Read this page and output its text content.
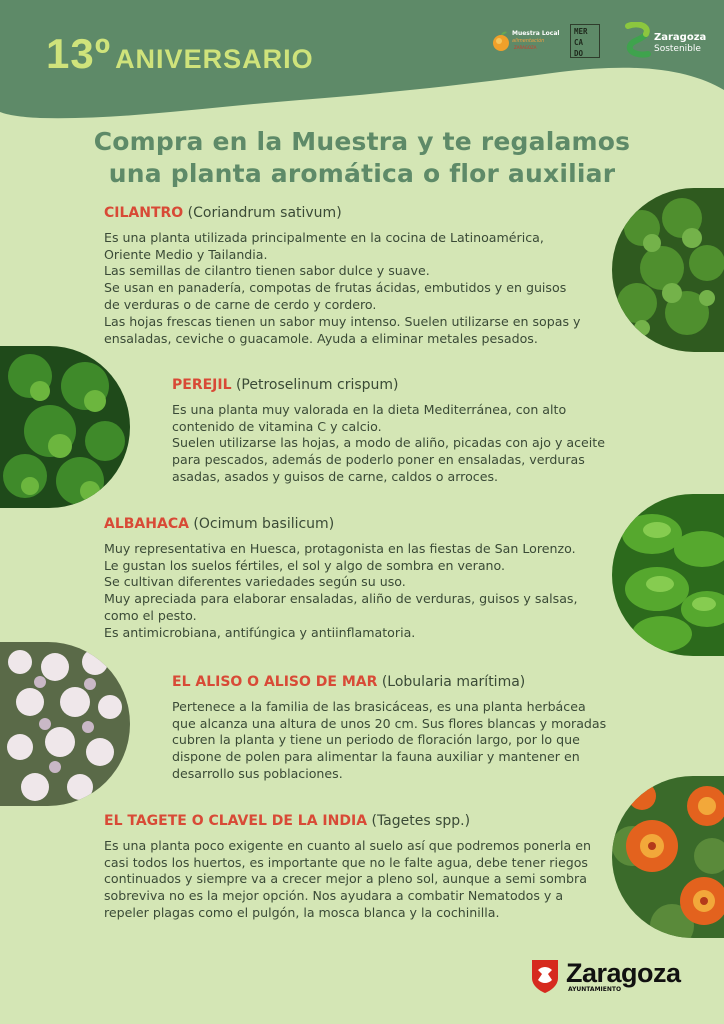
13º ANIVERSARIO
Muestra Local
alimentación
ZARAGOZA
MER
CA
DO
Zaragoza
Sostenible
Compra en la Muestra y te regalamos
una planta aromática o flor auxiliar
CILANTRO (Coriandrum sativum)
Es una planta utilizada principalmente en la cocina de Latinoamérica,
Oriente Medio y Tailandia.
Las semillas de cilantro tienen sabor dulce y suave.
Se usan en panadería, compotas de frutas ácidas, embutidos y en guisos
de verduras o de carne de cerdo y cordero.
Las hojas frescas tienen un sabor muy intenso. Suelen utilizarse en sopas y
ensaladas, ceviche o guacamole. Ayuda a eliminar metales pesados.
PEREJIL (Petroselinum crispum)
Es una planta muy valorada en la dieta Mediterránea, con alto
contenido de vitamina C y calcio.
Suelen utilizarse las hojas, a modo de aliño, picadas con ajo y aceite
para pescados, además de poderlo poner en ensaladas, verduras
asadas, asados y guisos de carne, caldos o arroces.
ALBAHACA (Ocimum basilicum)
Muy representativa en Huesca, protagonista en las fiestas de San Lorenzo.
Le gustan los suelos fértiles, el sol y algo de sombra en verano.
Se cultivan diferentes variedades según su uso.
Muy apreciada para elaborar ensaladas, aliño de verduras, guisos y salsas,
como el pesto.
Es antimicrobiana, antifúngica y antiinflamatoria.
EL ALISO O ALISO DE MAR (Lobularia marítima)
Pertenece a la familia de las brasicáceas, es una planta herbácea
que alcanza una altura de unos 20 cm. Sus flores blancas y moradas
cubren la planta y tiene un periodo de floración largo, por lo que
dispone de polen para alimentar la fauna auxiliar y mantener en
desarrollo sus poblaciones.
EL TAGETE O CLAVEL DE LA INDIA (Tagetes spp.)
Es una planta poco exigente en cuanto al suelo así que podremos ponerla en
casi todos los huertos, es importante que no le falte agua, debe tener riegos
continuados y siempre va a crecer mejor a pleno sol, aunque a semi sombra
sobreviva no es la mejor opción. Nos ayudara a combatir Nematodos y a
repeler plagas como el pulgón, la mosca blanca y la cochinilla.
Zaragoza
AYUNTAMIENTO
